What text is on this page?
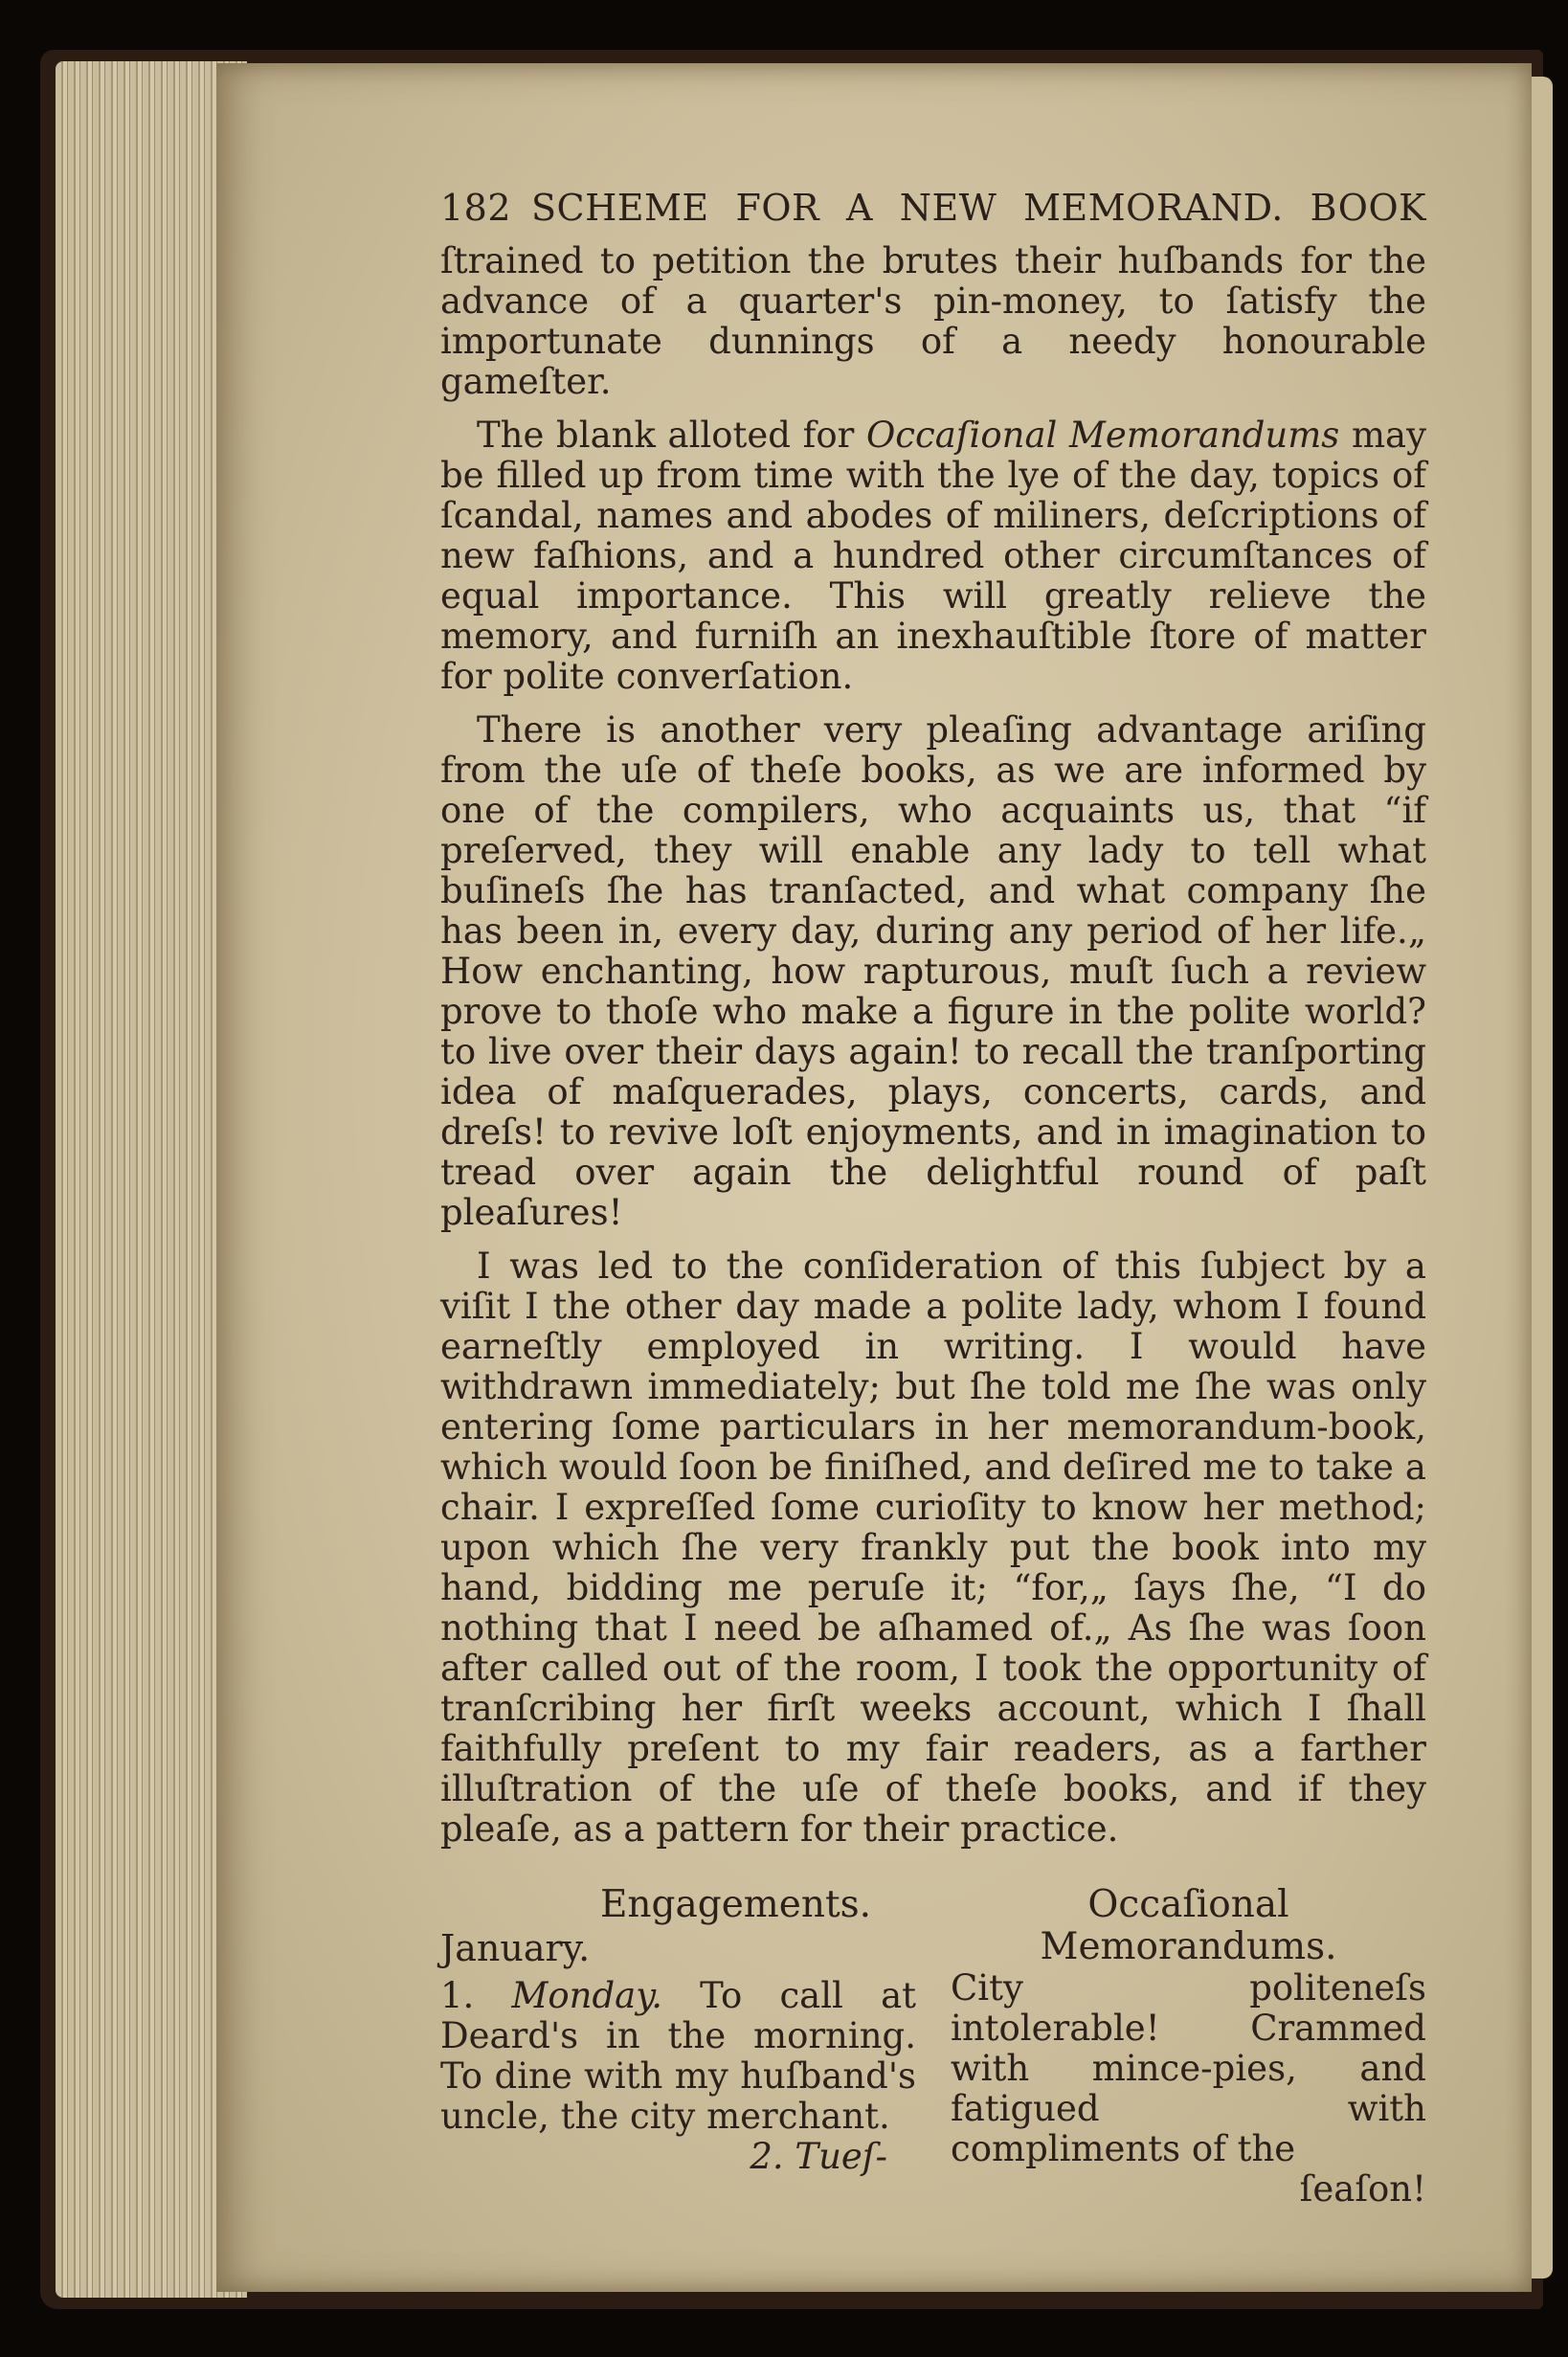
182 SCHEME FOR A NEW MEMORAND. BOOK

ſtrained to petition the brutes their huſbands for the advance of a quarter's pin-money, to ſatisfy the importunate dunnings of a needy honourable gameſter.

The blank alloted for Occaſional Memorandums may be filled up from time with the lye of the day, topics of ſcandal, names and abodes of miliners, deſcriptions of new faſhions, and a hundred other circumſtances of equal importance. This will greatly relieve the memory, and furniſh an inexhauſtible ſtore of matter for polite converſation.

There is another very pleaſing advantage ariſing from the uſe of theſe books, as we are informed by one of the compilers, who acquaints us, that “if preſerved, they will enable any lady to tell what buſineſs ſhe has tranſacted, and what company ſhe has been in, every day, during any period of her life.„ How enchanting, how rapturous, muſt ſuch a review prove to thoſe who make a figure in the polite world? to live over their days again! to recall the tranſporting idea of maſquerades, plays, concerts, cards, and dreſs! to revive loſt enjoyments, and in imagination to tread over again the delightful round of paſt pleaſures!

I was led to the conſideration of this ſubject by a viſit I the other day made a polite lady, whom I found earneſtly employed in writing. I would have withdrawn immediately; but ſhe told me ſhe was only entering ſome particulars in her memorandum-book, which would ſoon be finiſhed, and deſired me to take a chair. I expreſſed ſome curioſity to know her method; upon which ſhe very frankly put the book into my hand, bidding me peruſe it; “for,„ ſays ſhe, “I do nothing that I need be aſhamed of.„ As ſhe was ſoon after called out of the room, I took the opportunity of tranſcribing her firſt weeks account, which I ſhall faithfully preſent to my fair readers, as a farther illuſtration of the uſe of theſe books, and if they pleaſe, as a pattern for their practice.

Engagements.
January.

1. Monday. To call at Deard's in the morning. To dine with my huſband's uncle, the city merchant.

2. Tueſ-
Occaſional Memorandums.

City politeneſs intolerable! Crammed with mince-pies, and fatigued with compliments of the

ſeaſon!
